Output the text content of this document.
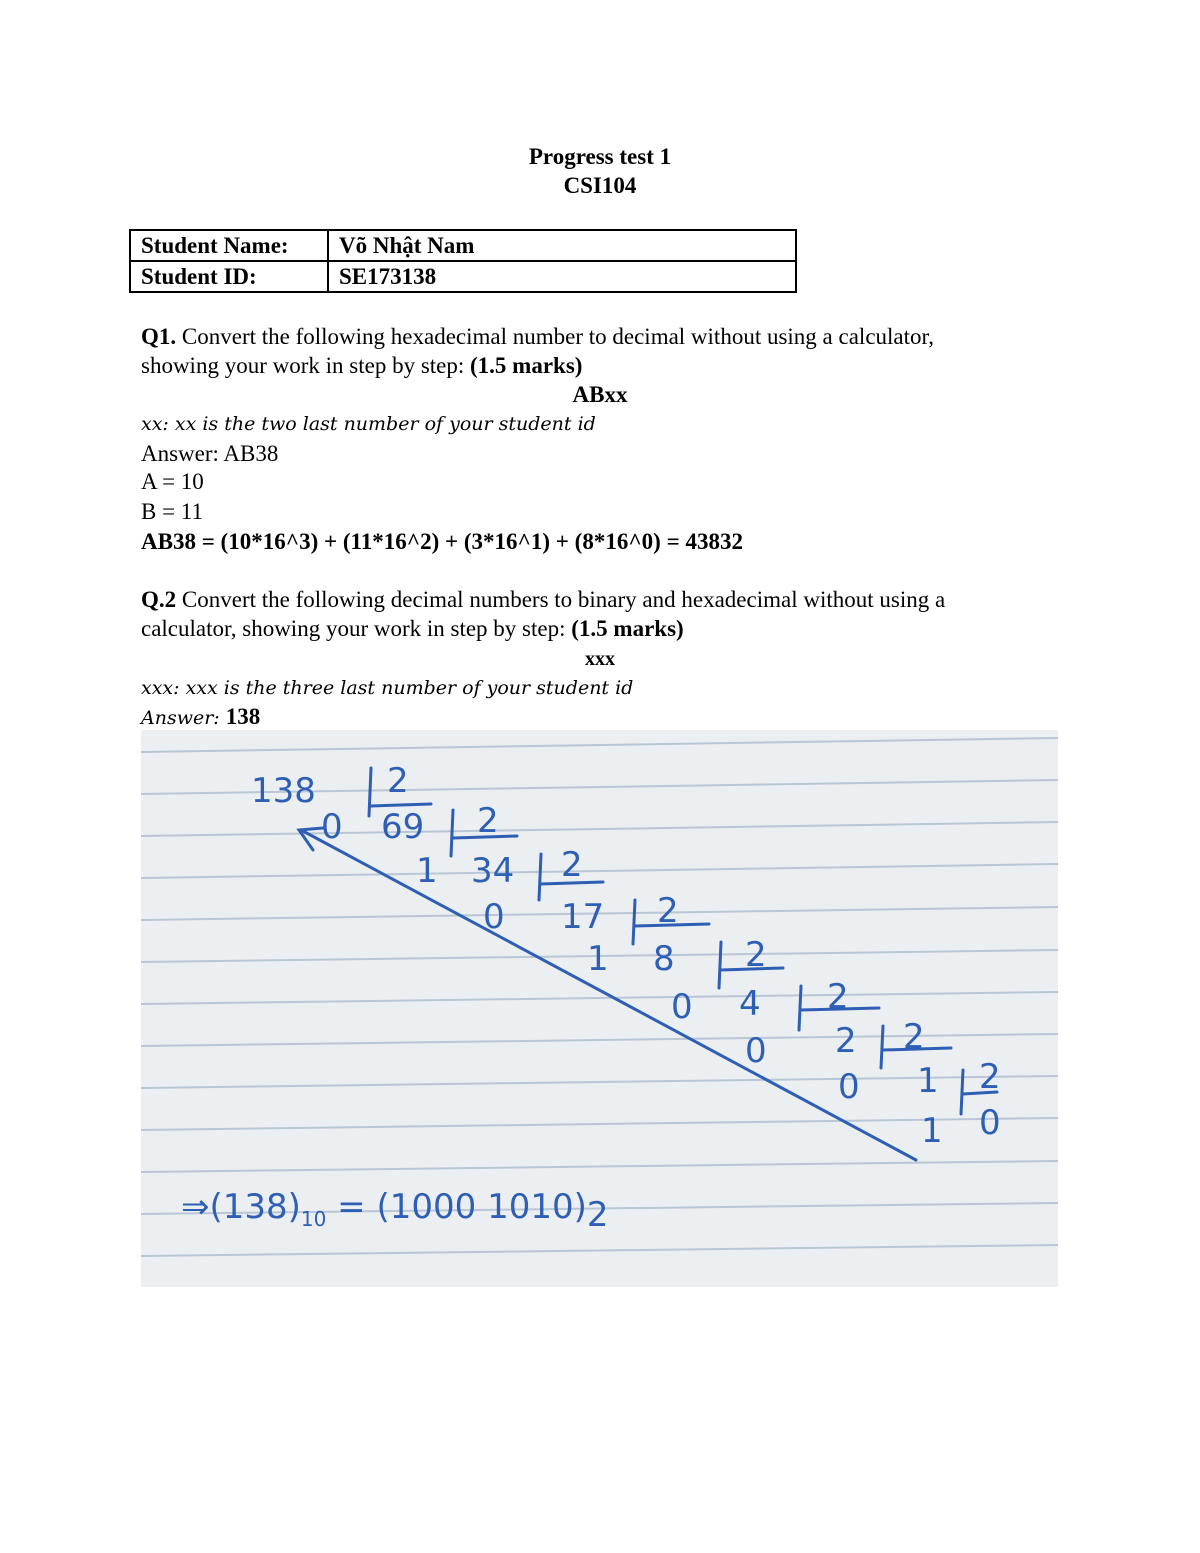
Progress test 1
CSI104
Student Name:	Võ Nhật Nam
Student ID:	SE173138
Q1. Convert the following hexadecimal number to decimal without using a calculator,
showing your work in step by step: (1.5 marks)
ABxx
xx: xx is the two last number of your student id
Answer: AB38
A = 10
B = 11
AB38 = (10*16^3) + (11*16^2) + (3*16^1) + (8*16^0) = 43832
Q.2 Convert the following decimal numbers to binary and hexadecimal without using a
calculator, showing your work in step by step: (1.5 marks)
xxx
xxx: xxx is the three last number of your student id
Answer: 138
138
69
34
17
8
4
2
1
0
0
1
0
1
0
0
0
1
2
2
2
2
2
2
2
2
$\Rightarrow(138)_{10} = (1000$ 1010)2
